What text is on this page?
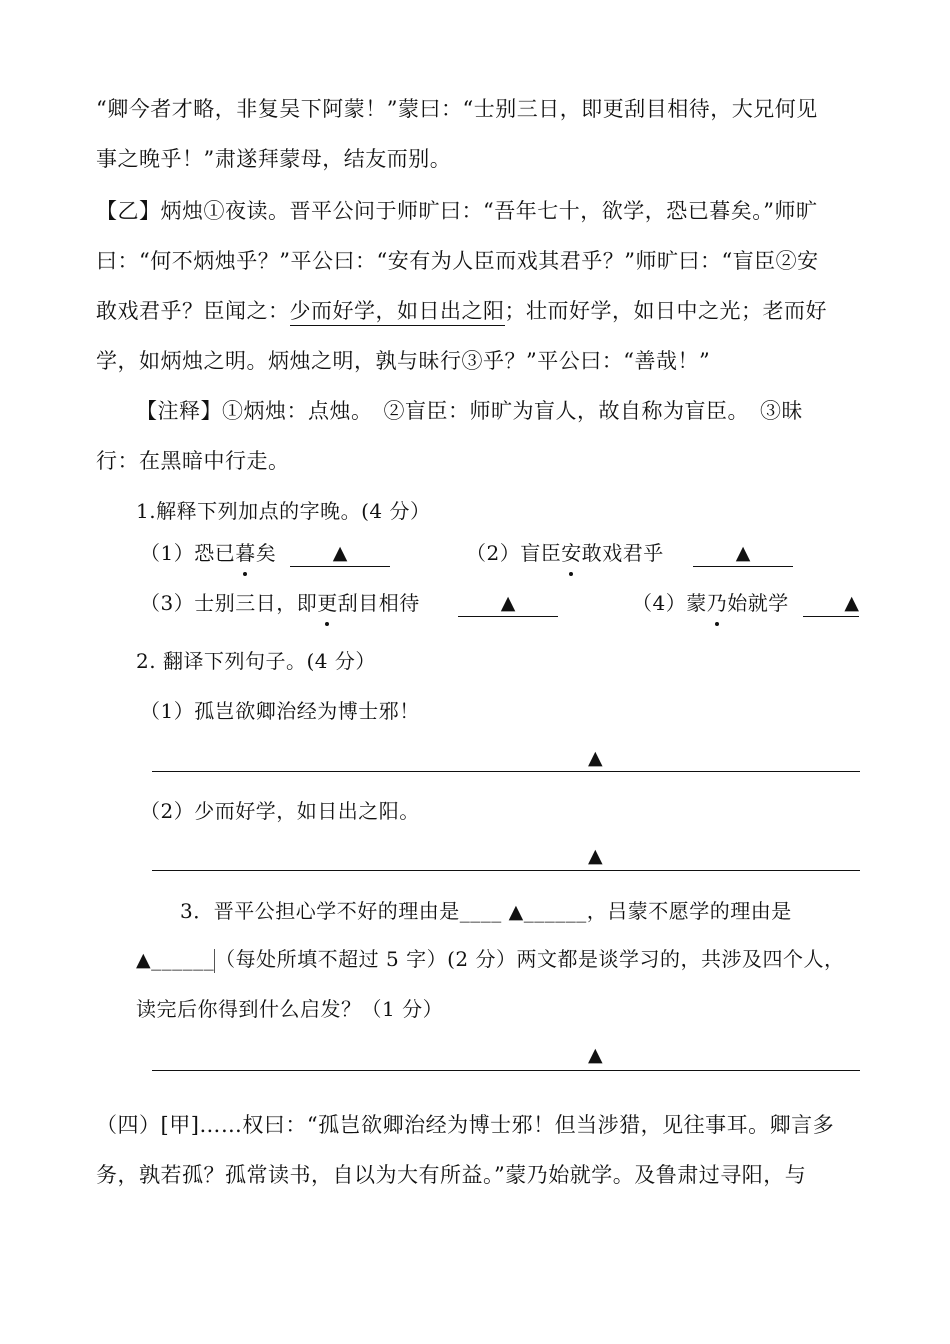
“卿今者才略，非复吴下阿蒙！”蒙曰：“士别三日，即更刮目相待，大兄何见
事之晚乎！”肃遂拜蒙母，结友而别。
【乙】炳烛①夜读。晋平公问于师旷曰：“吾年七十，欲学，恐已暮矣。”师旷
曰：“何不炳烛乎？”平公曰：“安有为人臣而戏其君乎？”师旷曰：“盲臣②安
敢戏君乎？臣闻之：少而好学，如日出之阳；壮而好学，如日中之光；老而好
学，如炳烛之明。炳烛之明，孰与昧行③乎？”平公曰：“善哉！”
【注释】①炳烛：点烛。　②盲臣：师旷为盲人，故自称为盲臣。　③昧
行：在黑暗中行走。
1.解释下列加点的字晚。(4 分）
（1）恐已暮矣	▲	（2）盲臣安敢戏君乎	▲
（3）士别三日，即更刮目相待	▲	（4）蒙乃始就学	▲
2. 翻译下列句子。(4 分）
（1）孤岂欲卿治经为博士邪！
▲
（2）少而好学，如日出之阳。
▲
3．晋平公担心学不好的理由是____ ▲______，吕蒙不愿学的理由是
▲______（每处所填不超过 5 字）(2 分）两文都是谈学习的，共涉及四个人，
读完后你得到什么启发？（1 分）
▲
（四）[甲]……权曰：“孤岂欲卿治经为博士邪！但当涉猎，见往事耳。卿言多
务，孰若孤？孤常读书，自以为大有所益。”蒙乃始就学。及鲁肃过寻阳，与
